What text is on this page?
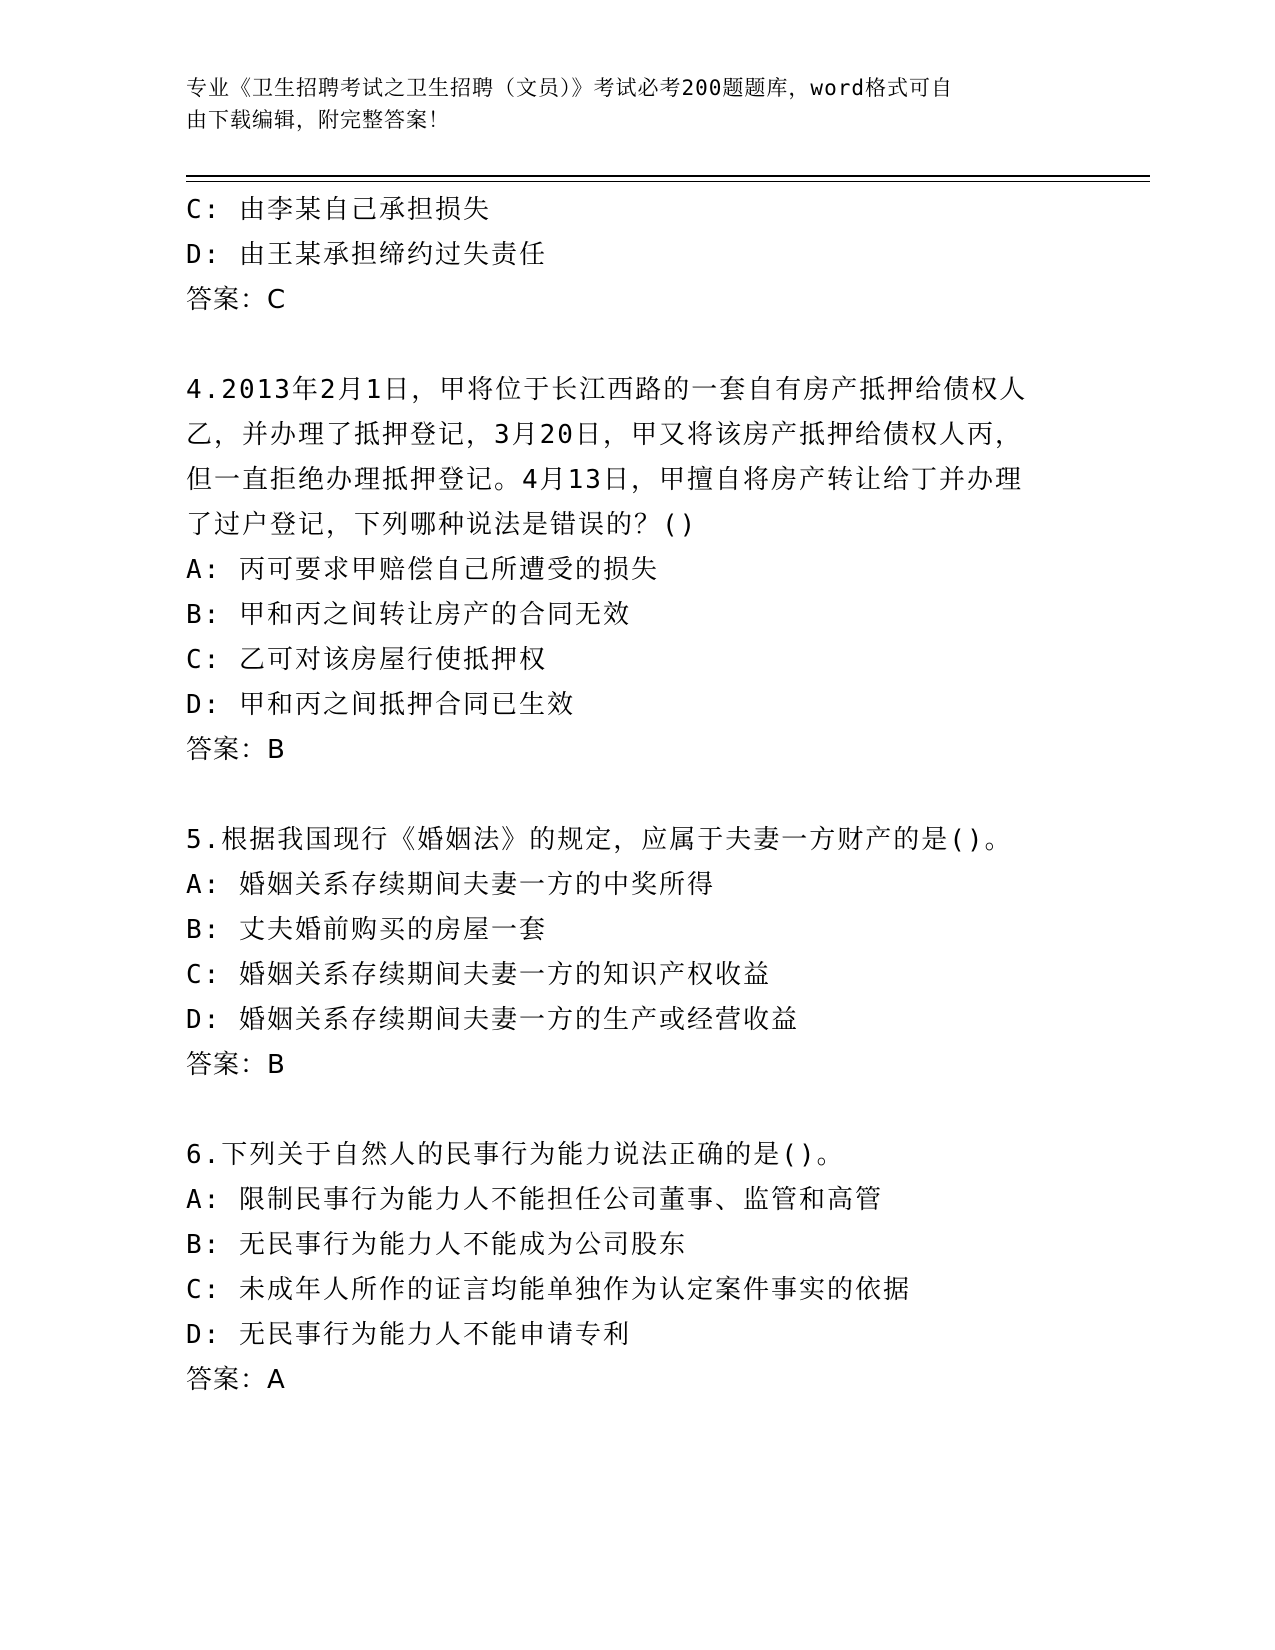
专业《卫生招聘考试之卫生招聘（文员）》考试必考200题题库，word格式可自
由下载编辑，附完整答案！
C: 由李某自己承担损失
D: 由王某承担缔约过失责任
答案：C
4.2013年2月1日，甲将位于长江西路的一套自有房产抵押给债权人
乙，并办理了抵押登记，3月20日，甲又将该房产抵押给债权人丙，
但一直拒绝办理抵押登记。4月13日，甲擅自将房产转让给丁并办理
了过户登记，下列哪种说法是错误的？()
A: 丙可要求甲赔偿自己所遭受的损失
B: 甲和丙之间转让房产的合同无效
C: 乙可对该房屋行使抵押权
D: 甲和丙之间抵押合同已生效
答案：B
5.根据我国现行《婚姻法》的规定，应属于夫妻一方财产的是()。
A: 婚姻关系存续期间夫妻一方的中奖所得
B: 丈夫婚前购买的房屋一套
C: 婚姻关系存续期间夫妻一方的知识产权收益
D: 婚姻关系存续期间夫妻一方的生产或经营收益
答案：B
6.下列关于自然人的民事行为能力说法正确的是()。
A: 限制民事行为能力人不能担任公司董事、监管和高管
B: 无民事行为能力人不能成为公司股东
C: 未成年人所作的证言均能单独作为认定案件事实的依据
D: 无民事行为能力人不能申请专利
答案：A
